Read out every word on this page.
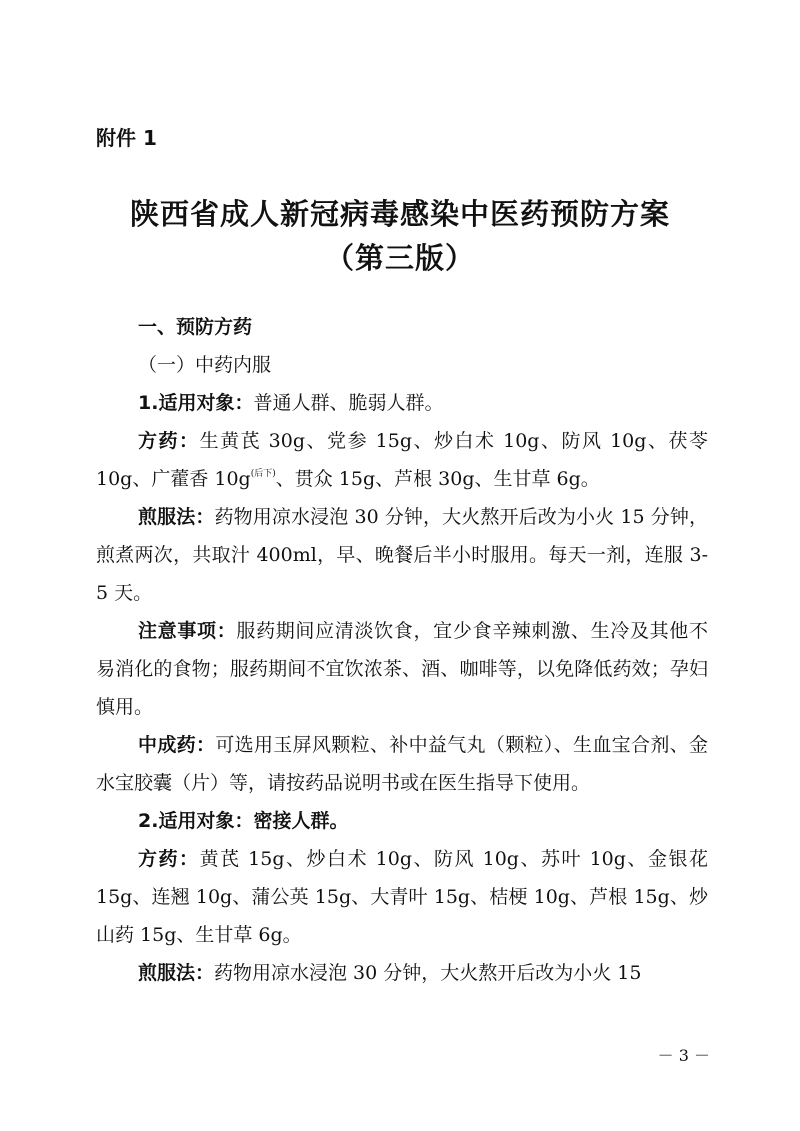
附件 1
陕西省成人新冠病毒感染中医药预防方案
（第三版）
一、预防方药
（一）中药内服

1.适用对象：普通人群、脆弱人群。

方药：生黄芪 30g、党参 15g、炒白术 10g、防风 10g、茯苓 10g、广藿香 $10g^{(后下)}$、贯众 15g、芦根 30g、生甘草 6g。

煎服法：药物用凉水浸泡 30 分钟，大火熬开后改为小火 15 分钟，煎煮两次，共取汁 400ml，早、晚餐后半小时服用。每天一剂，连服 3-5 天。

注意事项：服药期间应清淡饮食，宜少食辛辣刺激、生冷及其他不易消化的食物；服药期间不宜饮浓茶、酒、咖啡等，以免降低药效；孕妇慎用。

中成药：可选用玉屏风颗粒、补中益气丸（颗粒）、生血宝合剂、金水宝胶囊（片）等，请按药品说明书或在医生指导下使用。

2.适用对象：密接人群。

方药：黄芪 15g、炒白术 10g、防风 10g、苏叶 10g、金银花 15g、连翘 10g、蒲公英 15g、大青叶 15g、桔梗 10g、芦根 15g、炒山药 15g、生甘草 6g。

煎服法：药物用凉水浸泡 30 分钟，大火熬开后改为小火 15

－ 3 －
